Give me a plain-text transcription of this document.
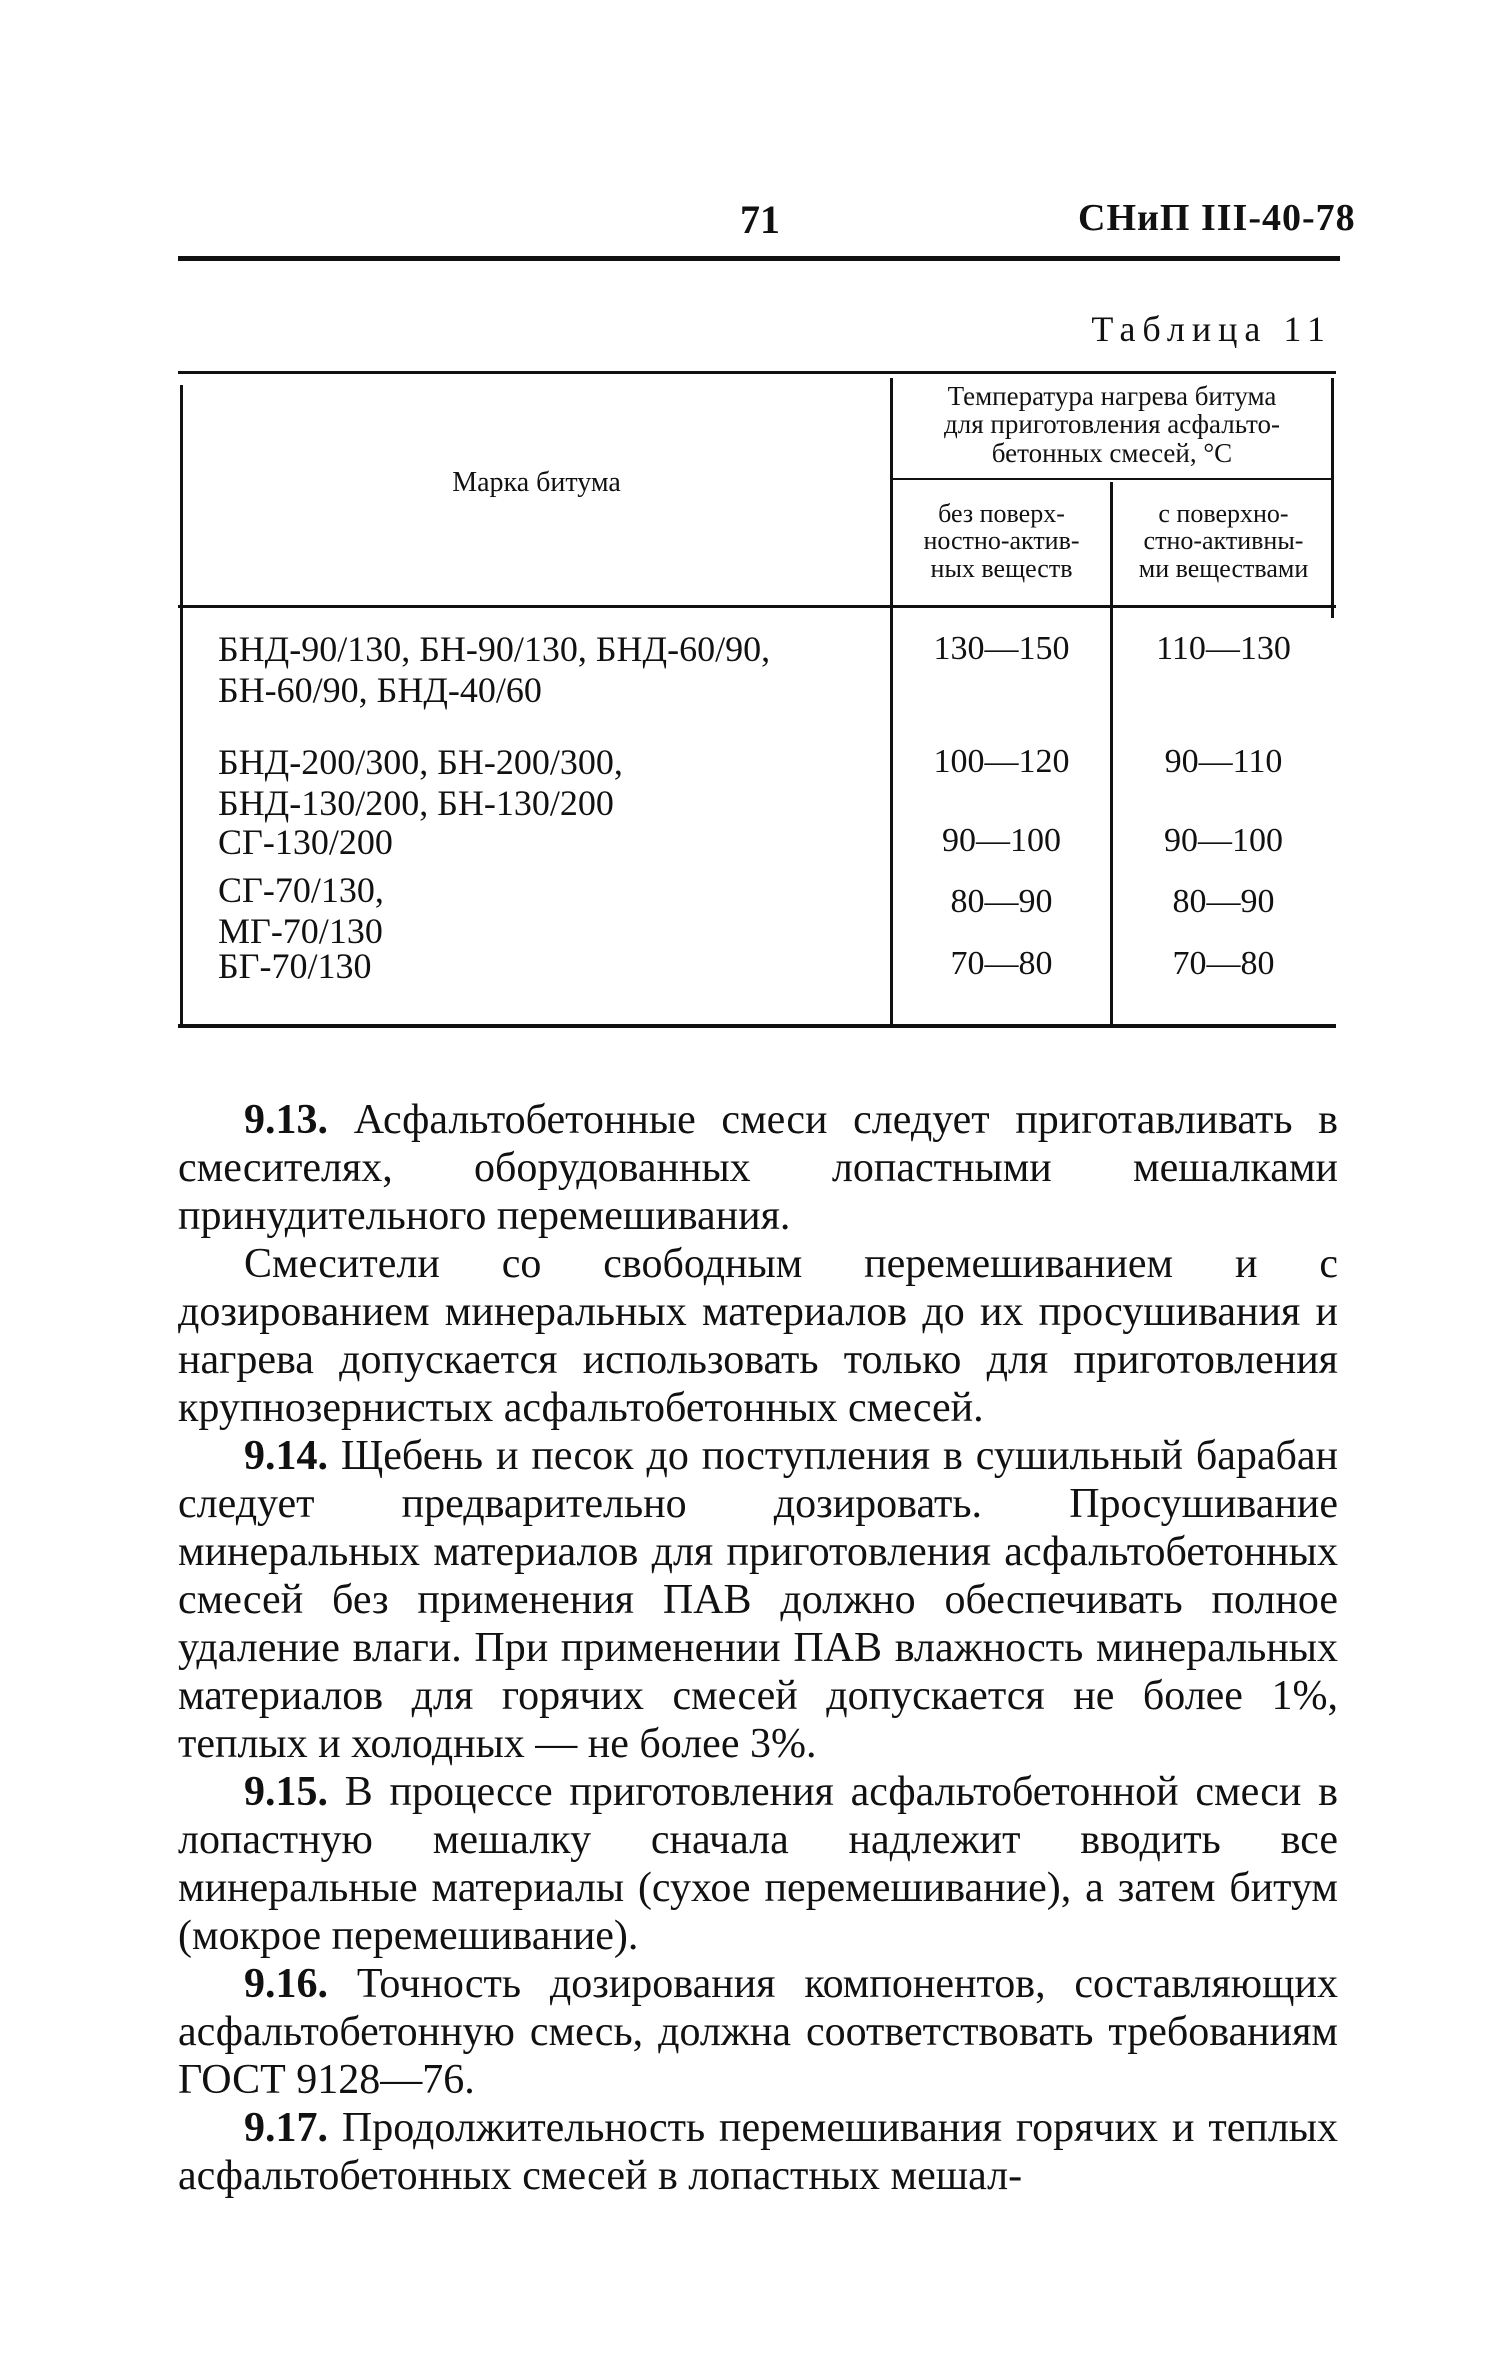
71	СНиП III-40-78
Таблица 11
Марка битума
Температура нагрева битума
для приготовления асфальто-
бетонных смесей, °С
без поверх-
ностно-актив-
ных веществ
с поверхно-
стно-активны-
ми веществами
БНД-90/130, БН-90/130, БНД-60/90,
БН-60/90, БНД-40/60
130—150	110—130
БНД-200/300, БН-200/300,
БНД-130/200, БН-130/200
100—120	90—110
СГ-130/200	90—100	90—100
СГ-70/130,
МГ-70/130
80—90	80—90
БГ-70/130	70—80	70—80

9.13. Асфальтобетонные смеси следует приготавливать в смесителях, оборудованных лопастными мешалками принудительного перемешивания.

Смесители со свободным перемешиванием и с дозированием минеральных материалов до их просушивания и нагрева допускается использовать только для приготовления крупнозернистых асфальтобетонных смесей.

9.14. Щебень и песок до поступления в сушильный барабан следует предварительно дозировать. Просушивание минеральных материалов для приготовления асфальтобетонных смесей без применения ПАВ должно обеспечивать полное удаление влаги. При применении ПАВ влажность минеральных материалов для горячих смесей допускается не более 1%, теплых и холодных — не более 3%.

9.15. В процессе приготовления асфальтобетонной смеси в лопастную мешалку сначала надлежит вводить все минеральные материалы (сухое перемешивание), а затем битум (мокрое перемешивание).

9.16. Точность дозирования компонентов, составляющих асфальтобетонную смесь, должна соответствовать требованиям ГОСТ 9128—76.

9.17. Продолжительность перемешивания горячих и теплых асфальтобетонных смесей в лопастных мешал-
